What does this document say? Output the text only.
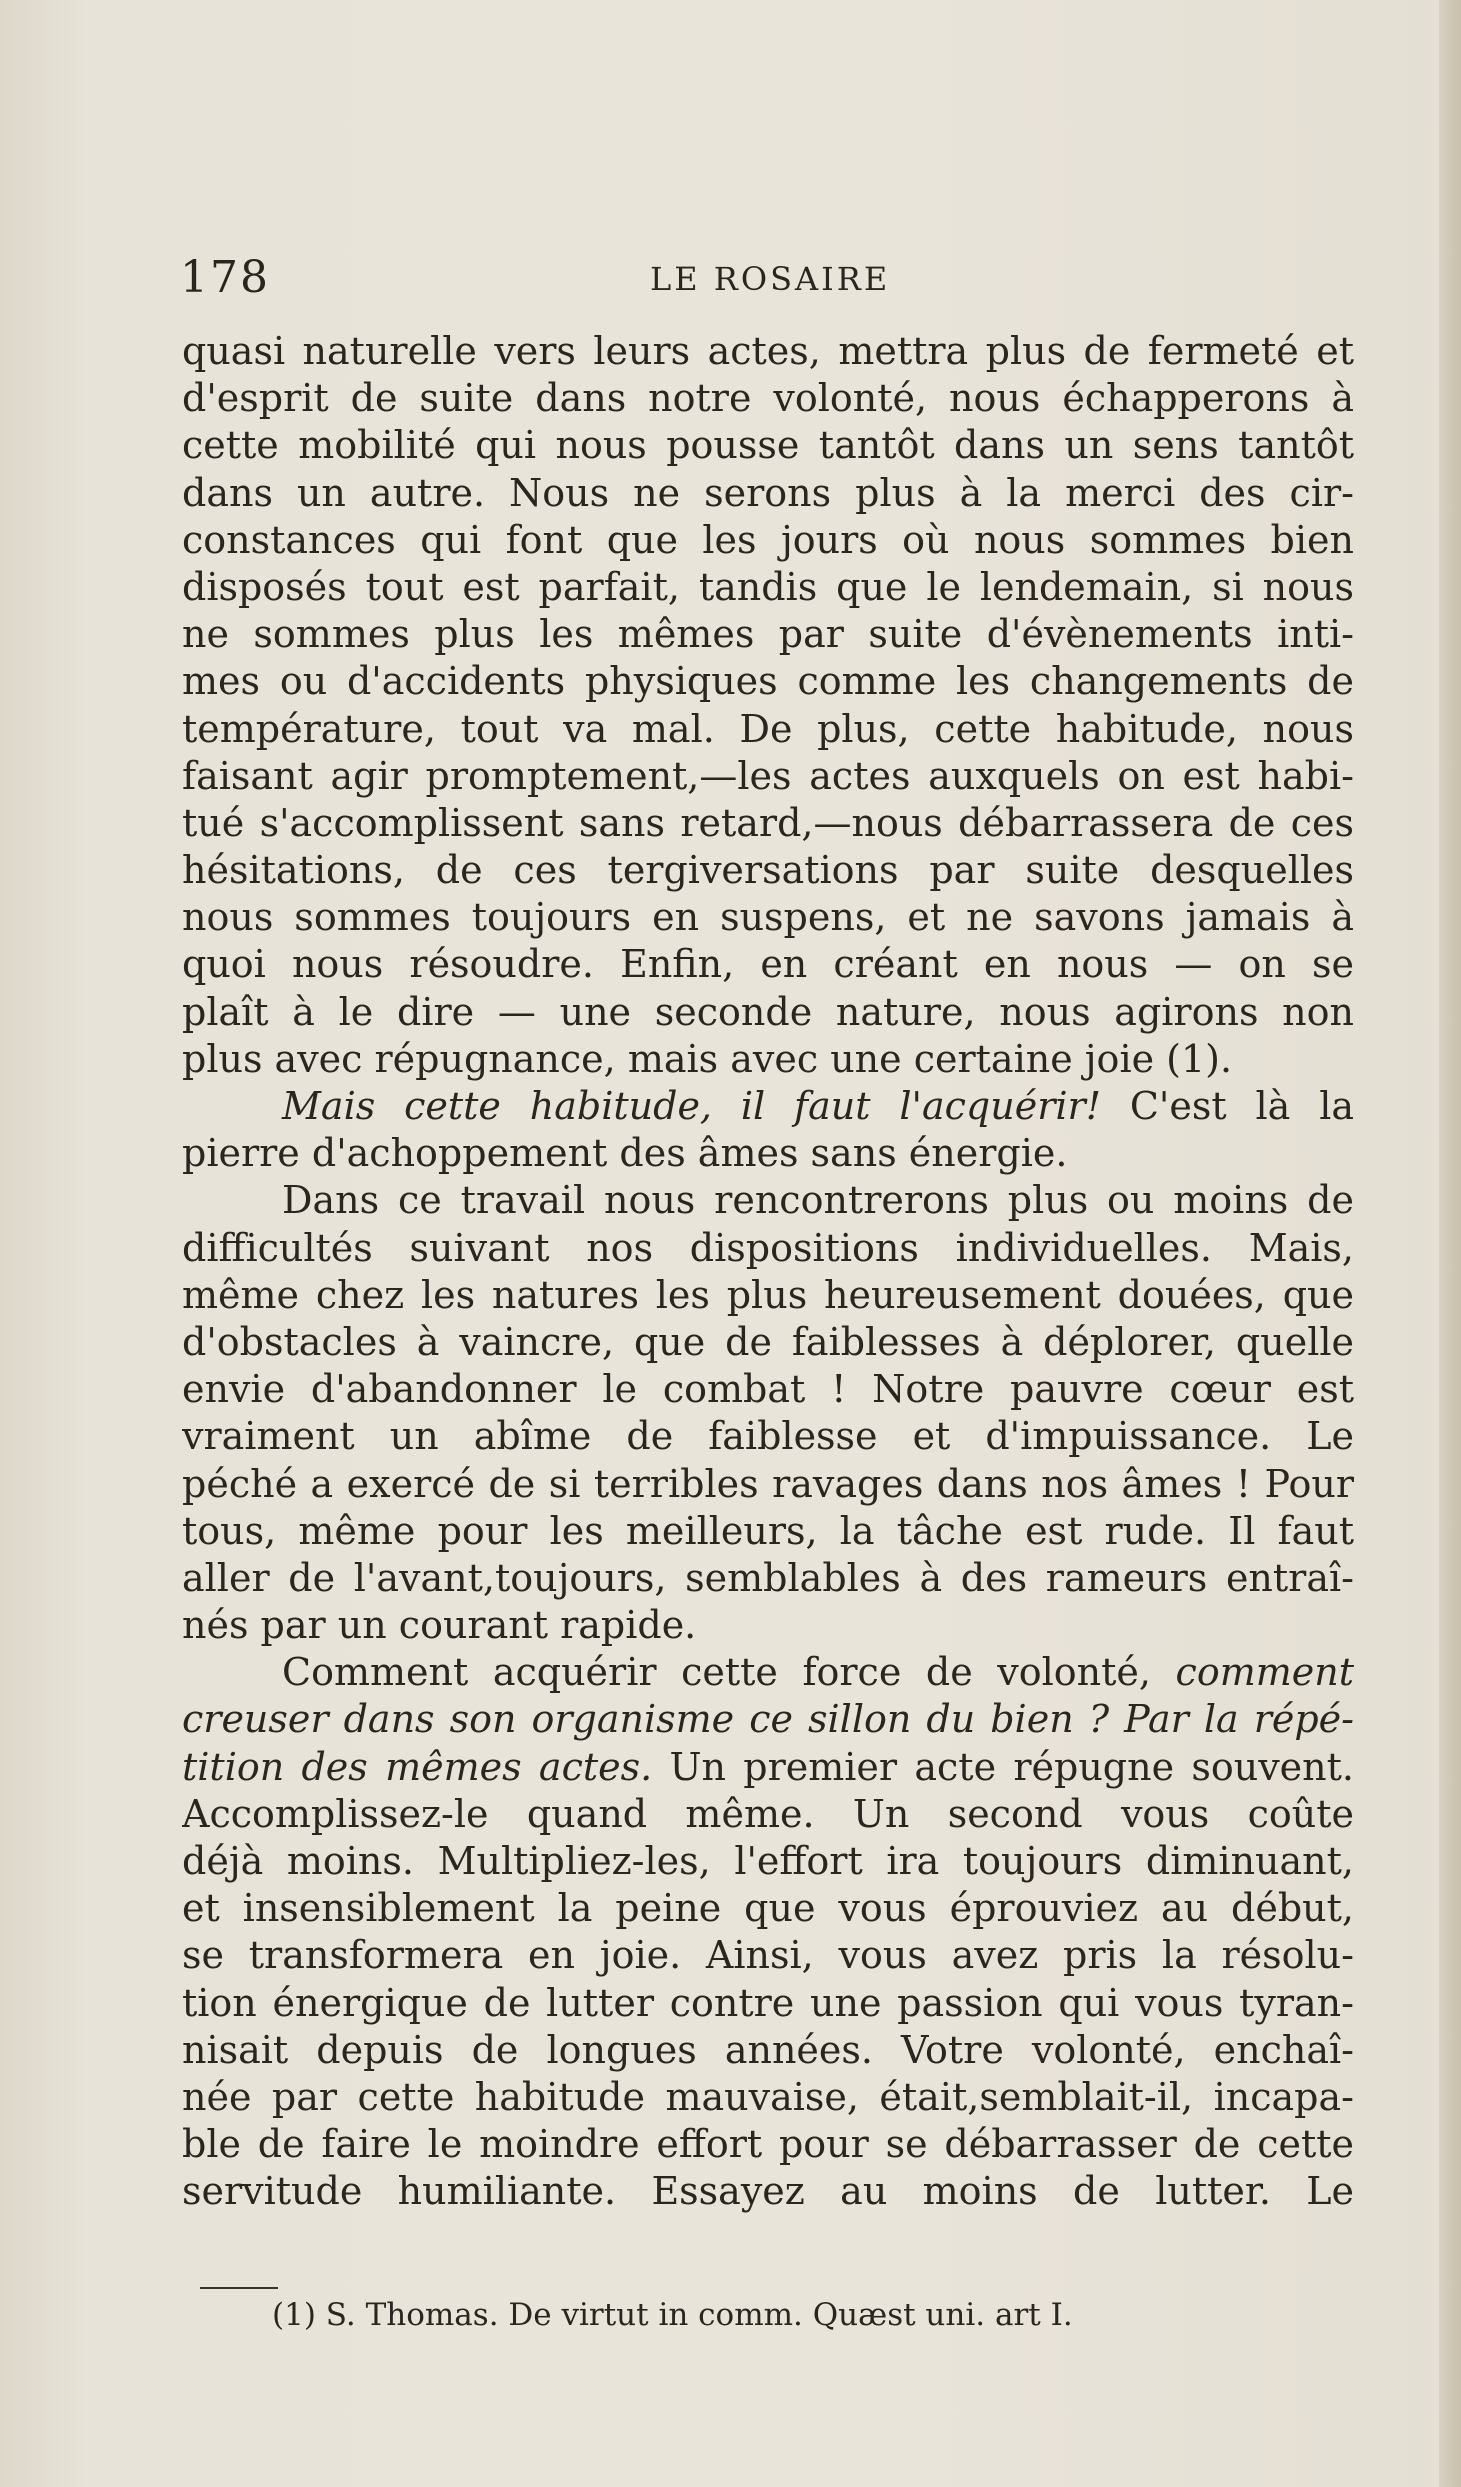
178	LE ROSAIRE
quasi naturelle vers leurs actes, mettra plus de fermeté et
d'esprit de suite dans notre volonté, nous échapperons à
cette mobilité qui nous pousse tantôt dans un sens tantôt
dans un autre. Nous ne serons plus à la merci des cir-
constances qui font que les jours où nous sommes bien
disposés tout est parfait, tandis que le lendemain, si nous
ne sommes plus les mêmes par suite d'évènements inti-
mes ou d'accidents physiques comme les changements de
température, tout va mal. De plus, cette habitude, nous
faisant agir promptement,—les actes auxquels on est habi-
tué s'accomplissent sans retard,—nous débarrassera de ces
hésitations, de ces tergiversations par suite desquelles
nous sommes toujours en suspens, et ne savons jamais à
quoi nous résoudre. Enfin, en créant en nous — on se
plaît à le dire — une seconde nature, nous agirons non
plus avec répugnance, mais avec une certaine joie (1).
Mais cette habitude, il faut l'acquérir! C'est là la
pierre d'achoppement des âmes sans énergie.
Dans ce travail nous rencontrerons plus ou moins de
difficultés suivant nos dispositions individuelles. Mais,
même chez les natures les plus heureusement douées, que
d'obstacles à vaincre, que de faiblesses à déplorer, quelle
envie d'abandonner le combat ! Notre pauvre cœur est
vraiment un abîme de faiblesse et d'impuissance. Le
péché a exercé de si terribles ravages dans nos âmes ! Pour
tous, même pour les meilleurs, la tâche est rude. Il faut
aller de l'avant,toujours, semblables à des rameurs entraî-
nés par un courant rapide.
Comment acquérir cette force de volonté, comment
creuser dans son organisme ce sillon du bien ? Par la répé-
tition des mêmes actes. Un premier acte répugne souvent.
Accomplissez-le quand même. Un second vous coûte
déjà moins. Multipliez-les, l'effort ira toujours diminuant,
et insensiblement la peine que vous éprouviez au début,
se transformera en joie. Ainsi, vous avez pris la résolu-
tion énergique de lutter contre une passion qui vous tyran-
nisait depuis de longues années. Votre volonté, enchaî-
née par cette habitude mauvaise, était,semblait-il, incapa-
ble de faire le moindre effort pour se débarrasser de cette
servitude humiliante. Essayez au moins de lutter. Le
(1) S. Thomas. De virtut in comm. Quæst uni. art I.
